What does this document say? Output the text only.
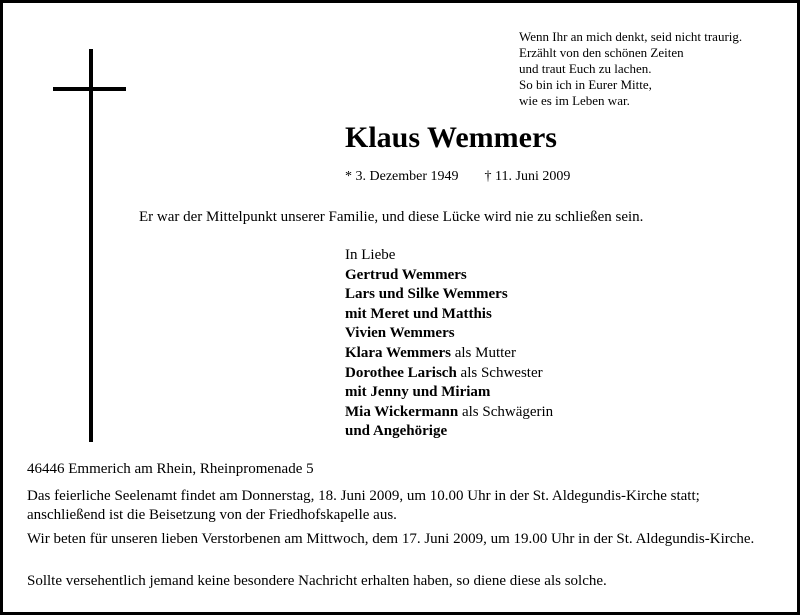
Wenn Ihr an mich denkt, seid nicht traurig.
Erzählt von den schönen Zeiten
und traut Euch zu lachen.
So bin ich in Eurer Mitte,
wie es im Leben war.
Klaus Wemmers
* 3. Dezember 1949 † 11. Juni 2009
Er war der Mittelpunkt unserer Familie, und diese Lücke wird nie zu schließen sein.
In Liebe
Gertrud Wemmers
Lars und Silke Wemmers
mit Meret und Matthis
Vivien Wemmers
Klara Wemmers als Mutter
Dorothee Larisch als Schwester
mit Jenny und Miriam
Mia Wickermann als Schwägerin
und Angehörige
46446 Emmerich am Rhein, Rheinpromenade 5
Das feierliche Seelenamt findet am Donnerstag, 18. Juni 2009, um 10.00 Uhr in der St. Aldegundis-Kirche statt; anschließend ist die Beisetzung von der Friedhofskapelle aus.
Wir beten für unseren lieben Verstorbenen am Mittwoch, dem 17. Juni 2009, um 19.00 Uhr in der St. Aldegundis-Kirche.
Sollte versehentlich jemand keine besondere Nachricht erhalten haben, so diene diese als solche.
